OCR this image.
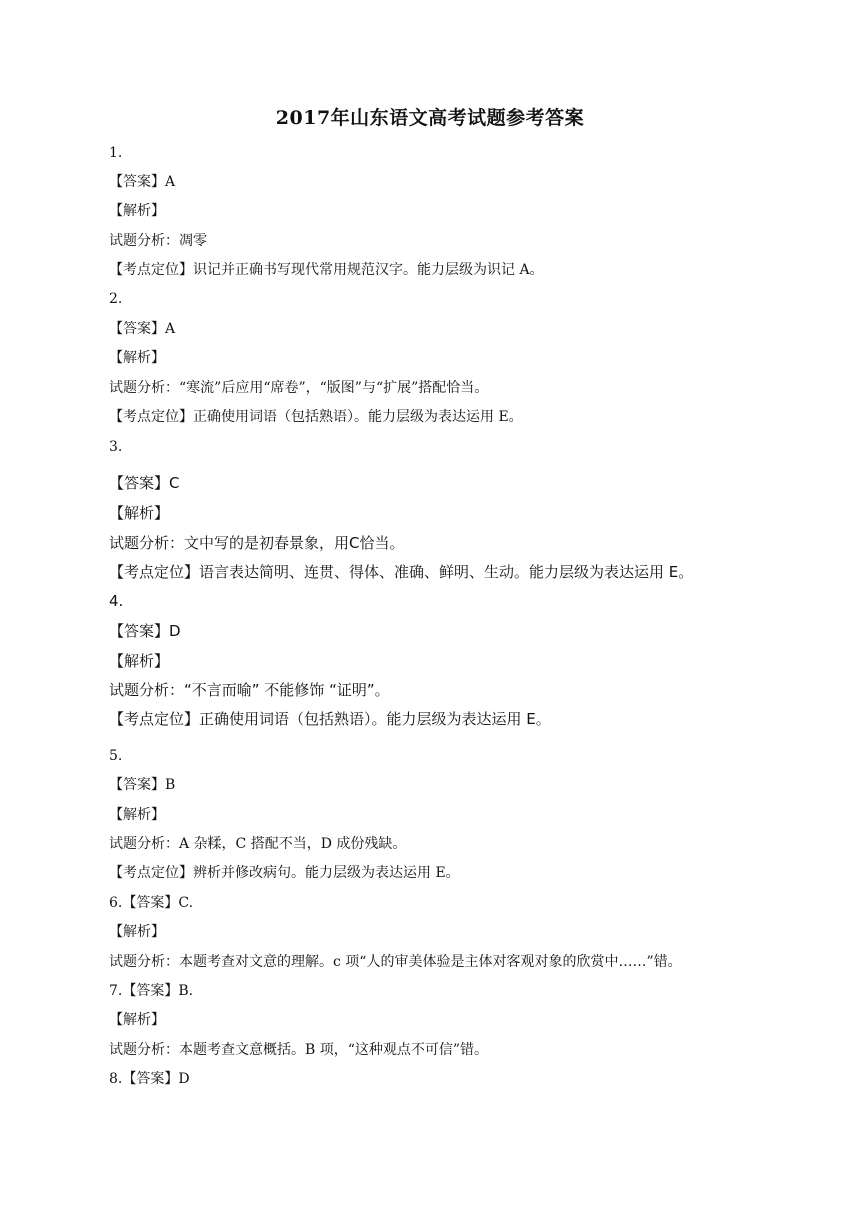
2017年山东语文高考试题参考答案
1.
【答案】A
【解析】
试题分析：凋零
【考点定位】识记并正确书写现代常用规范汉字。能力层级为识记 A。
2.
【答案】A
【解析】
试题分析：“寒流”后应用“席卷”，“版图”与“扩展”搭配恰当。
【考点定位】正确使用词语（包括熟语）。能力层级为表达运用 E。
3.
【答案】C
【解析】
试题分析：文中写的是初春景象，用C恰当。
【考点定位】语言表达简明、连贯、得体、准确、鲜明、生动。能力层级为表达运用 E。
4.
【答案】D
【解析】
试题分析：“不言而喻” 不能修饰 “证明”。
【考点定位】正确使用词语（包括熟语）。能力层级为表达运用 E。
5.
【答案】B
【解析】
试题分析：A 杂糅，C 搭配不当，D 成份残缺。
【考点定位】辨析并修改病句。能力层级为表达运用 E。
6.【答案】C.
【解析】
试题分析：本题考查对文意的理解。c 项“人的审美体验是主体对客观对象的欣赏中……”错。
7.【答案】B.
【解析】
试题分析：本题考查文意概括。B 项，“这种观点不可信”错。
8.【答案】D
